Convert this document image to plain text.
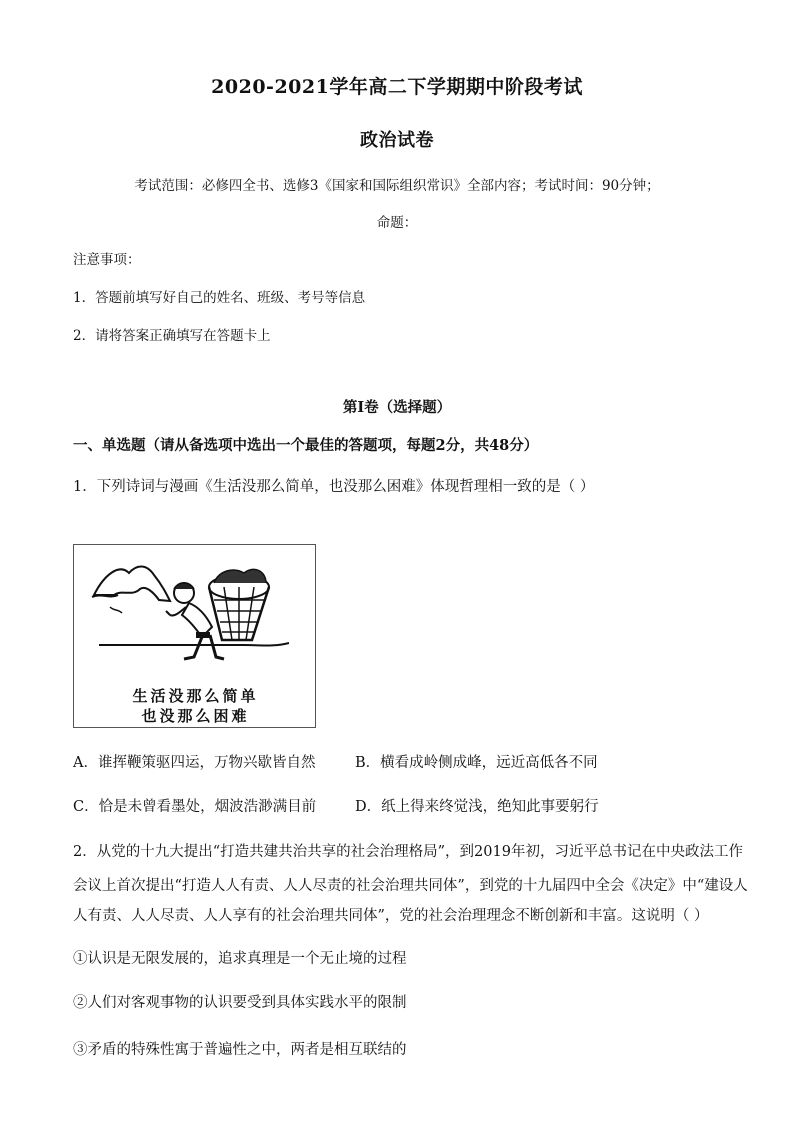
2020-2021学年高二下学期期中阶段考试
政治试卷
考试范围：必修四全书、选修3《国家和国际组织常识》全部内容；考试时间：90分钟；
命题：
注意事项：
1．答题前填写好自己的姓名、班级、考号等信息
2．请将答案正确填写在答题卡上
第I卷（选择题）
一、单选题（请从备选项中选出一个最佳的答题项，每题2分，共48分）
1．下列诗词与漫画《生活没那么简单，也没那么困难》体现哲理相一致的是（ ）
生活没那么简单
也没那么困难
A．谁挥鞭策驱四运，万物兴歇皆自然	B．横看成岭侧成峰，远近高低各不同
C．恰是未曾看墨处，烟波浩渺满目前	D．纸上得来终觉浅，绝知此事要躬行
2．从党的十九大提出“打造共建共治共享的社会治理格局”，到2019年初，习近平总书记在中央政法工作
会议上首次提出“打造人人有责、人人尽责的社会治理共同体”，到党的十九届四中全会《决定》中“建设人
人有责、人人尽责、人人享有的社会治理共同体”，党的社会治理理念不断创新和丰富。这说明（ ）
①认识是无限发展的，追求真理是一个无止境的过程
②人们对客观事物的认识要受到具体实践水平的限制
③矛盾的特殊性寓于普遍性之中，两者是相互联结的
